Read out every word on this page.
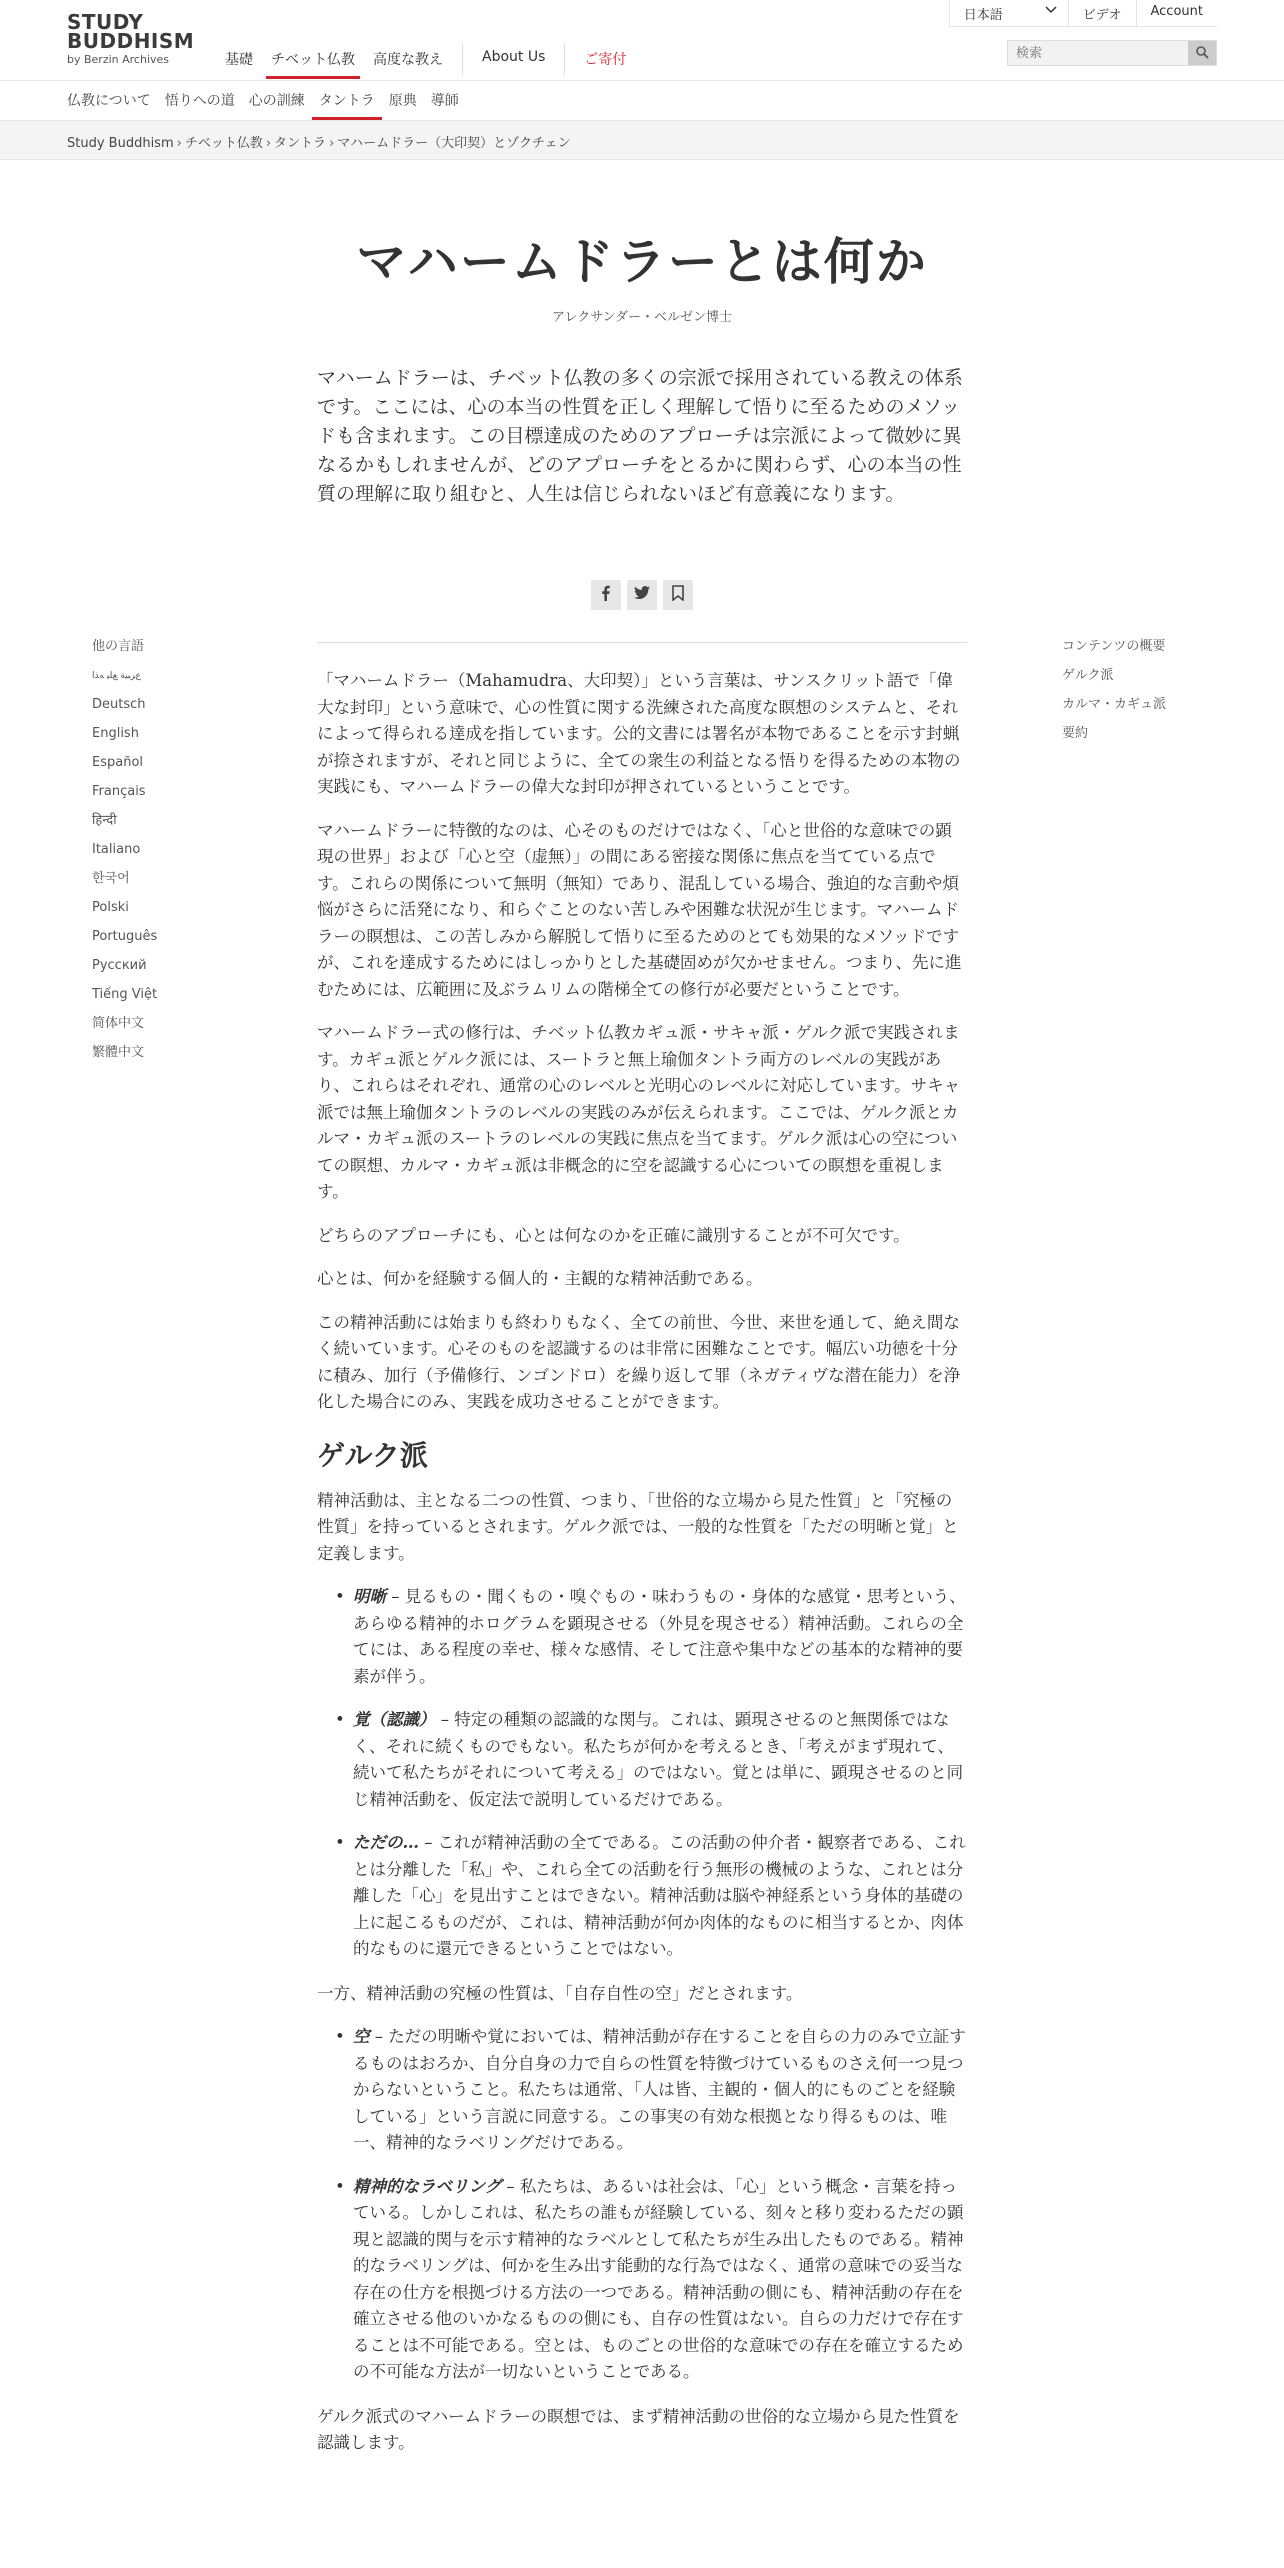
STUDY
BUDDHISM
by Berzin Archives	基礎	チベット仏教	高度な教え	About Us	ご寄付
日本語	ビデオ	Account
検索
仏教について	悟りへの道	心の訓練	タントラ	原典	導師
Study Buddhism › チベット仏教 › タントラ › マハームドラー（大印契）とゾクチェン
マハームドラーとは何か
アレクサンダー・ベルゼン博士

マハームドラーは、チベット仏教の多くの宗派で採用されている教えの体系です。ここには、心の本当の性質を正しく理解して悟りに至るためのメソッドも含まれます。この目標達成のためのアプローチは宗派によって微妙に異なるかもしれませんが、どのアプローチをとるかに関わらず、心の本当の性質の理解に取り組むと、人生は信じられないほど有意義になります。

他の言語
ﻉﺮﺒﻴﺔ ﻊﻠﻴ ﻪﺬﺍ
Deutsch
English
Español
Français
हिन्दी
Italiano
한국어
Polski
Português
Русский
Tiếng Việt
简体中文
繁體中文
コンテンツの概要
ゲルク派
カルマ・カギュ派
要約

「マハームドラー（Mahamudra、大印契）」という言葉は、サンスクリット語で「偉大な封印」という意味で、心の性質に関する洗練された高度な瞑想のシステムと、それによって得られる達成を指しています。公的文書には署名が本物であることを示す封蝋が捺されますが、それと同じように、全ての衆生の利益となる悟りを得るための本物の実践にも、マハームドラーの偉大な封印が押されているということです。

マハームドラーに特徴的なのは、心そのものだけではなく、「心と世俗的な意味での顕現の世界」および「心と空（虚無）」の間にある密接な関係に焦点を当てている点です。これらの関係について無明（無知）であり、混乱している場合、強迫的な言動や煩悩がさらに活発になり、和らぐことのない苦しみや困難な状況が生じます。マハームドラーの瞑想は、この苦しみから解脱して悟りに至るためのとても効果的なメソッドですが、これを達成するためにはしっかりとした基礎固めが欠かせません。つまり、先に進むためには、広範囲に及ぶラムリムの階梯全ての修行が必要だということです。

マハームドラー式の修行は、チベット仏教カギュ派・サキャ派・ゲルク派で実践されます。カギュ派とゲルク派には、スートラと無上瑜伽タントラ両方のレベルの実践があり、これらはそれぞれ、通常の心のレベルと光明心のレベルに対応しています。サキャ派では無上瑜伽タントラのレベルの実践のみが伝えられます。ここでは、ゲルク派とカルマ・カギュ派のスートラのレベルの実践に焦点を当てます。ゲルク派は心の空についての瞑想、カルマ・カギュ派は非概念的に空を認識する心についての瞑想を重視します。

どちらのアプローチにも、心とは何なのかを正確に識別することが不可欠です。

心とは、何かを経験する個人的・主観的な精神活動である。

この精神活動には始まりも終わりもなく、全ての前世、今世、来世を通して、絶え間なく続いています。心そのものを認識するのは非常に困難なことです。幅広い功徳を十分に積み、加行（予備修行、ンゴンドロ）を繰り返して罪（ネガティヴな潜在能力）を浄化した場合にのみ、実践を成功させることができます。

ゲルク派

精神活動は、主となる二つの性質、つまり、「世俗的な立場から見た性質」と「究極の性質」を持っているとされます。ゲルク派では、一般的な性質を「ただの明晰と覚」と定義します。

• 明晰 – 見るもの・聞くもの・嗅ぐもの・味わうもの・身体的な感覚・思考という、あらゆる精神的ホログラムを顕現させる（外見を現させる）精神活動。これらの全てには、ある程度の幸せ、様々な感情、そして注意や集中などの基本的な精神的要素が伴う。
• 覚（認識） – 特定の種類の認識的な関与。これは、顕現させるのと無関係ではなく、それに続くものでもない。私たちが何かを考えるとき、「考えがまず現れて、続いて私たちがそれについて考える」のではない。覚とは単に、顕現させるのと同じ精神活動を、仮定法で説明しているだけである。
• ただの… – これが精神活動の全てである。この活動の仲介者・観察者である、これとは分離した「私」や、これら全ての活動を行う無形の機械のような、これとは分離した「心」を見出すことはできない。精神活動は脳や神経系という身体的基礎の上に起こるものだが、これは、精神活動が何か肉体的なものに相当するとか、肉体的なものに還元できるということではない。

一方、精神活動の究極の性質は、「自存自性の空」だとされます。

• 空 – ただの明晰や覚においては、精神活動が存在することを自らの力のみで立証するものはおろか、自分自身の力で自らの性質を特徴づけているものさえ何一つ見つからないということ。私たちは通常、「人は皆、主観的・個人的にものごとを経験している」という言説に同意する。この事実の有効な根拠となり得るものは、唯一、精神的なラベリングだけである。
• 精神的なラベリング – 私たちは、あるいは社会は、「心」という概念・言葉を持っている。しかしこれは、私たちの誰もが経験している、刻々と移り変わるただの顕現と認識的関与を示す精神的なラベルとして私たちが生み出したものである。精神的なラベリングは、何かを生み出す能動的な行為ではなく、通常の意味での妥当な存在の仕方を根拠づける方法の一つである。精神活動の側にも、精神活動の存在を確立させる他のいかなるものの側にも、自存の性質はない。自らの力だけで存在することは不可能である。空とは、ものごとの世俗的な意味での存在を確立するための不可能な方法が一切ないということである。

ゲルク派式のマハームドラーの瞑想では、まず精神活動の世俗的な立場から見た性質を認識します。
